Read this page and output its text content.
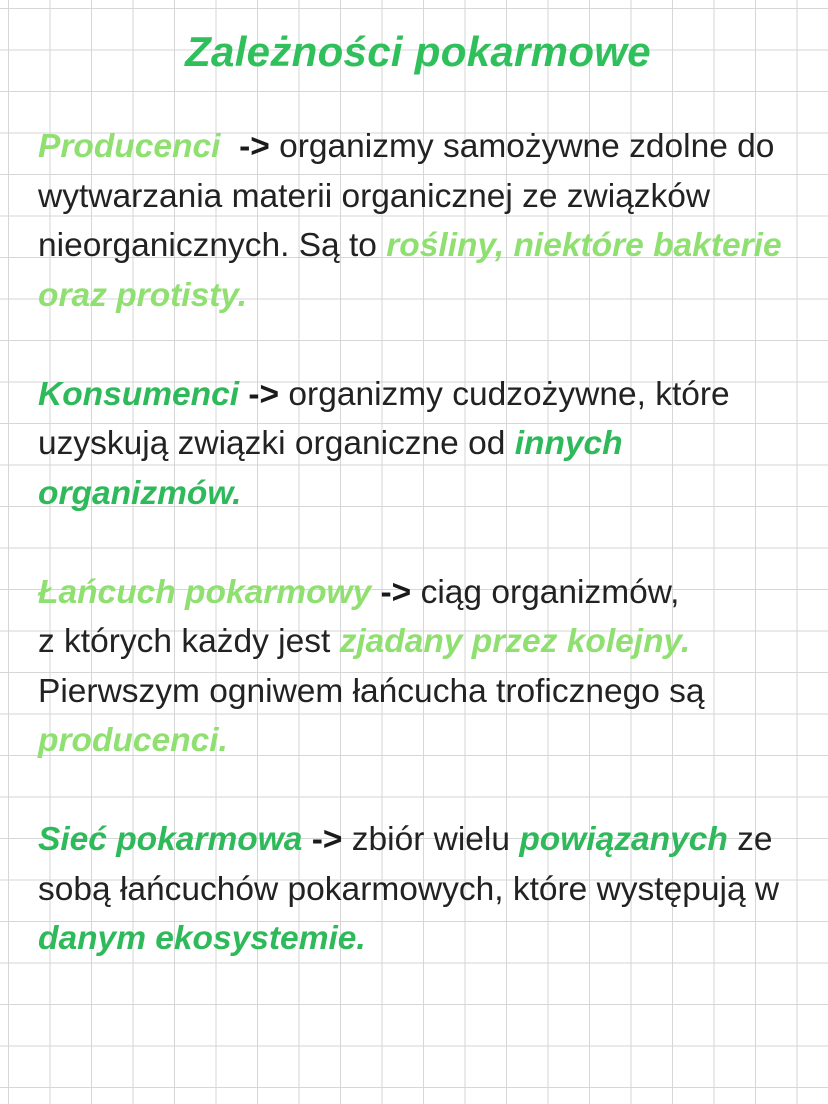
Zależności pokarmowe
Producenci -> organizmy samożywne zdolne do wytwarzania materii organicznej ze związków nieorganicznych. Są to rośliny, niektóre bakterie oraz protisty.
Konsumenci -> organizmy cudzożywne, które uzyskują związki organiczne od innych organizmów.
Łańcuch pokarmowy -> ciąg organizmów,
z których każdy jest zjadany przez kolejny.
Pierwszym ogniwem łańcucha troficznego są producenci.
Sieć pokarmowa -> zbiór wielu powiązanych ze sobą łańcuchów pokarmowych, które występują w danym ekosystemie.
